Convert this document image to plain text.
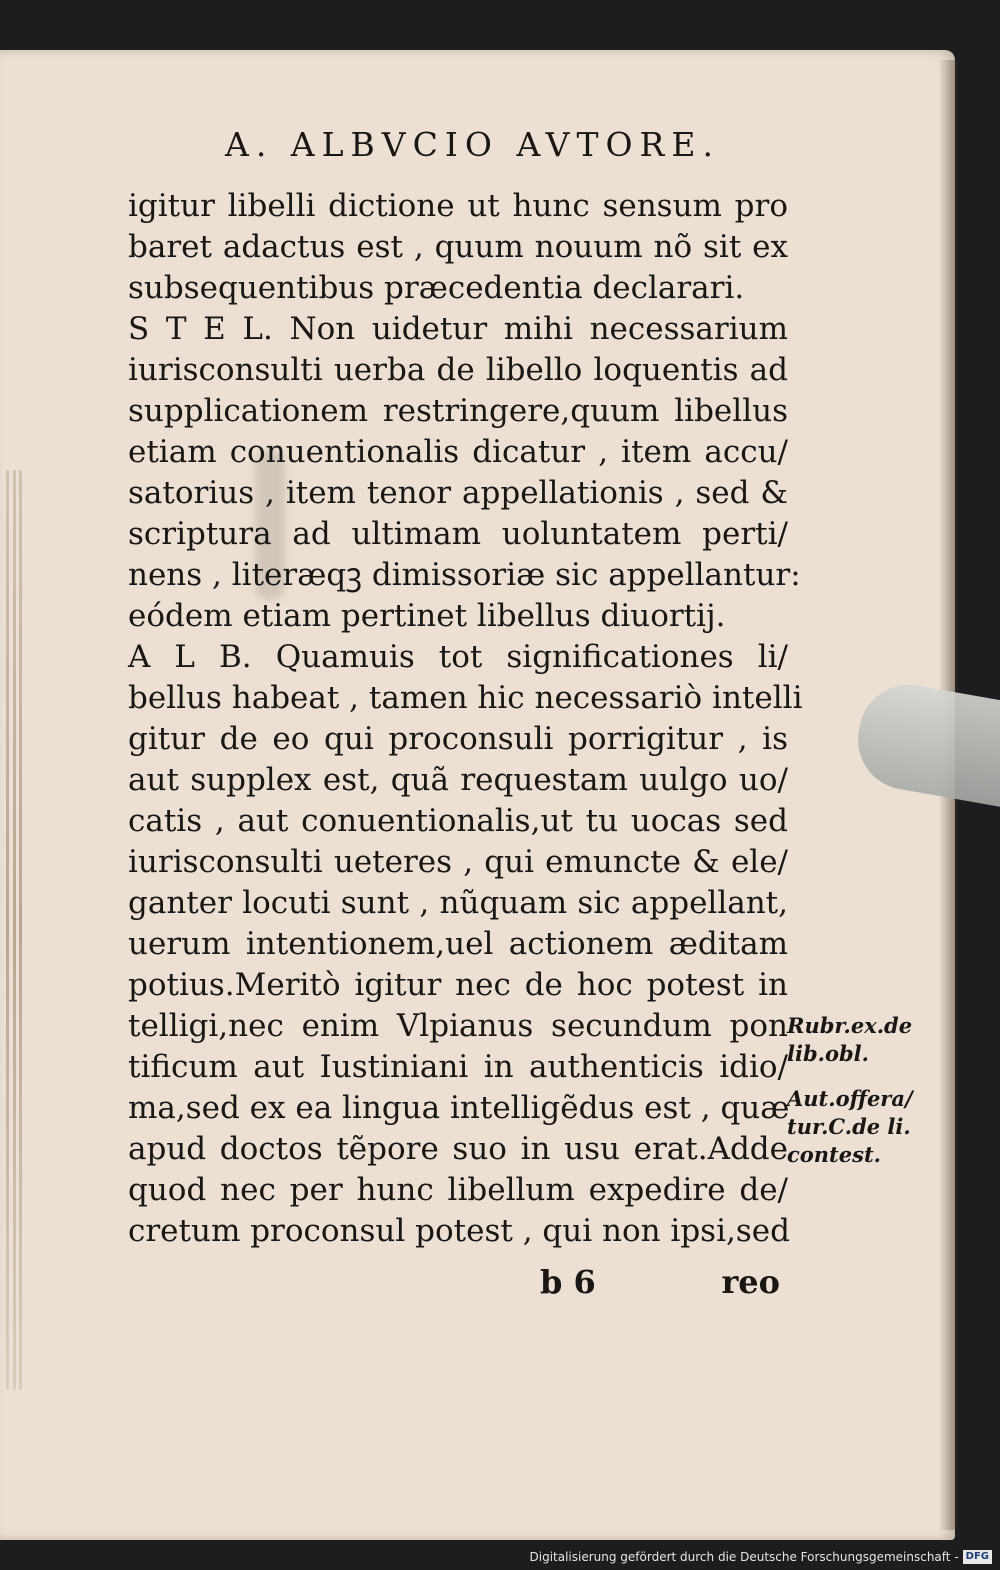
A. ALBVCIO AVTORE.
igitur libelli dictione ut hunc sensum pro
baret adactus est , quum nouum nõ sit ex
subsequentibus præcedentia declarari.
S T E L. Non uidetur mihi necessarium
iurisconsulti uerba de libello loquentis ad
supplicationem restringere,quum libellus
etiam conuentionalis dicatur , item accu/
satorius , item tenor appellationis , sed &
scriptura ad ultimam uoluntatem perti/
nens , literæqꝫ dimissoriæ sic appellantur:
eódem etiam pertinet libellus diuortij.
A L B. Quamuis tot significationes li/
bellus habeat , tamen hic necessariò intelli
gitur de eo qui proconsuli porrigitur , is
aut supplex est, quã requestam uulgo uo/
catis , aut conuentionalis,ut tu uocas sed
iurisconsulti ueteres , qui emuncte & ele/
ganter locuti sunt , nũquam sic appellant,
uerum intentionem,uel actionem æditam
potius.Meritò igitur nec de hoc potest in
telligi,nec enim Vlpianus secundum pon
tificum aut Iustiniani in authenticis idio/
ma,sed ex ea lingua intelligẽdus est , quæ
apud doctos tẽpore suo in usu erat.Adde
quod nec per hunc libellum expedire de/
cretum proconsul potest , qui non ipsi,sed
b 6	reo
Rubr.ex.de
lib.obl.
Aut.offera/
tur.C.de li.
contest.
Digitalisierung gefördert durch die Deutsche Forschungsgemeinschaft - DFG
